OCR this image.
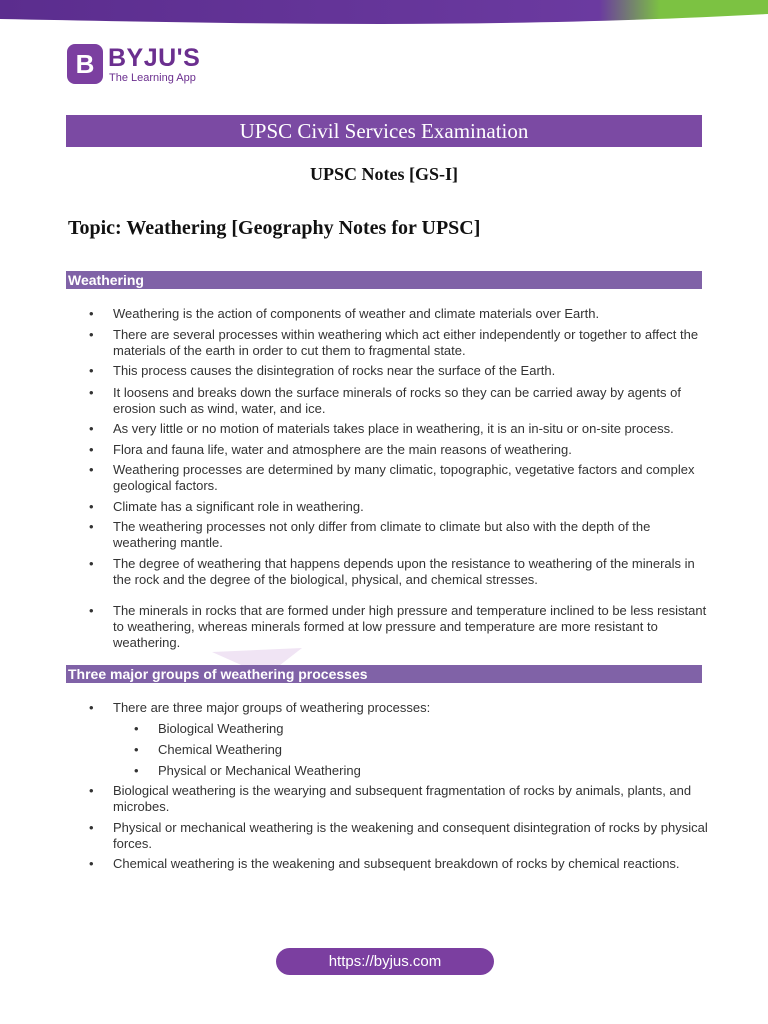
B BYJU'S
The Learning App
UPSC Civil Services Examination
UPSC Notes [GS-I]
Topic: Weathering [Geography Notes for UPSC]
Weathering
• Weathering is the action of components of weather and climate materials over Earth.
• There are several processes within weathering which act either independently or together to affect the materials of the earth in order to cut them to fragmental state.
• This process causes the disintegration of rocks near the surface of the Earth.
• It loosens and breaks down the surface minerals of rocks so they can be carried away by agents of erosion such as wind, water, and ice.
• As very little or no motion of materials takes place in weathering, it is an in-situ or on-site process.
• Flora and fauna life, water and atmosphere are the main reasons of weathering.
• Weathering processes are determined by many climatic, topographic, vegetative factors and complex geological factors.
• Climate has a significant role in weathering.
• The weathering processes not only differ from climate to climate but also with the depth of the weathering mantle.
• The degree of weathering that happens depends upon the resistance to weathering of the minerals in the rock and the degree of the biological, physical, and chemical stresses.
• The minerals in rocks that are formed under high pressure and temperature inclined to be less resistant to weathering, whereas minerals formed at low pressure and temperature are more resistant to weathering.
Three major groups of weathering processes
• There are three major groups of weathering processes:
• Biological Weathering
• Chemical Weathering
• Physical or Mechanical Weathering
• Biological weathering is the wearying and subsequent fragmentation of rocks by animals, plants, and microbes.
• Physical or mechanical weathering is the weakening and consequent disintegration of rocks by physical forces.
• Chemical weathering is the weakening and subsequent breakdown of rocks by chemical reactions.
https://byjus.com
